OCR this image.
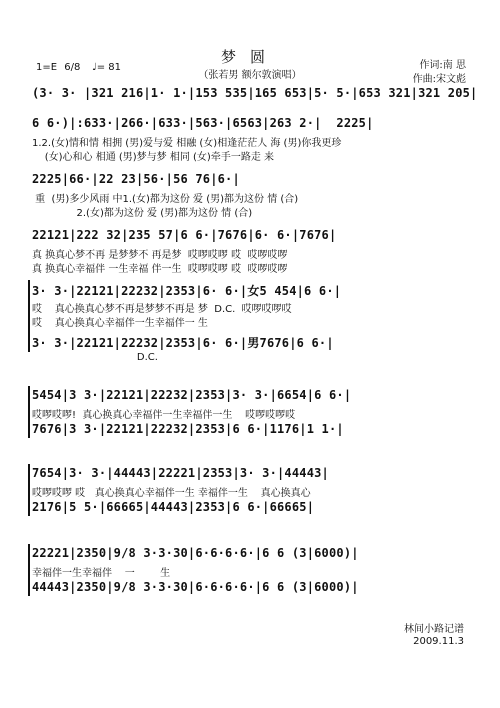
梦圆
（张若男 额尔敦演唱）
作词:南 思
作曲:宋文彪
1=E 6/8 ♩= 81
(3· 3· |321 216|1· 1·|153 535|165 653|5· 5·|653 321|321 205|
6 6·)|:633·|266·|633·|563·|6563|263 2·|  2225|
1.2.(女)情和情 相拥 (男)爱与爱 相融 (女)相逢茫茫人 海 (男)你我更珍
(女)心和心 相通 (男)梦与梦 相同 (女)牵手一路走 来
2225|66·|22 23|56·|56 76|6·|
重  (男)多少风雨 中1.(女)都为这份 爱 (男)都为这份 情 (合)
2.(女)都为这份 爱 (男)都为这份 情 (合)
22121|222 32|235 57|6 6·|7676|6· 6·|7676|
真 换真心梦不再 是梦梦不 再是梦  哎啰哎啰 哎  哎啰哎啰
真 换真心幸福伴 一生幸福 伴一生  哎啰哎啰 哎  哎啰哎啰
3· 3·|22121|22232|2353|6· 6·|女5 454|6 6·|
哎    真心换真心梦不再是梦梦不再是 梦  D.C.  哎啰哎啰哎
哎    真心换真心幸福伴一生幸福伴一 生
3· 3·|22121|22232|2353|6· 6·|男7676|6 6·|
D.C.
5454|3 3·|22121|22232|2353|3· 3·|6654|6 6·|
哎啰哎啰!  真心换真心幸福伴一生幸福伴一生    哎啰哎啰哎
7676|3 3·|22121|22232|2353|6 6·|1176|1 1·|
7654|3· 3·|44443|22221|2353|3· 3·|44443|
哎啰哎啰 哎   真心换真心幸福伴一生 幸福伴一生    真心换真心
2176|5 5·|66665|44443|2353|6 6·|66665|
22221|2350|9/8 3·3·30|6·6·6·6·|6 6 (3|6000)|
幸福伴一生幸福伴    一        生
44443|2350|9/8 3·3·30|6·6·6·6·|6 6 (3|6000)|
林间小路记谱
2009.11.3
